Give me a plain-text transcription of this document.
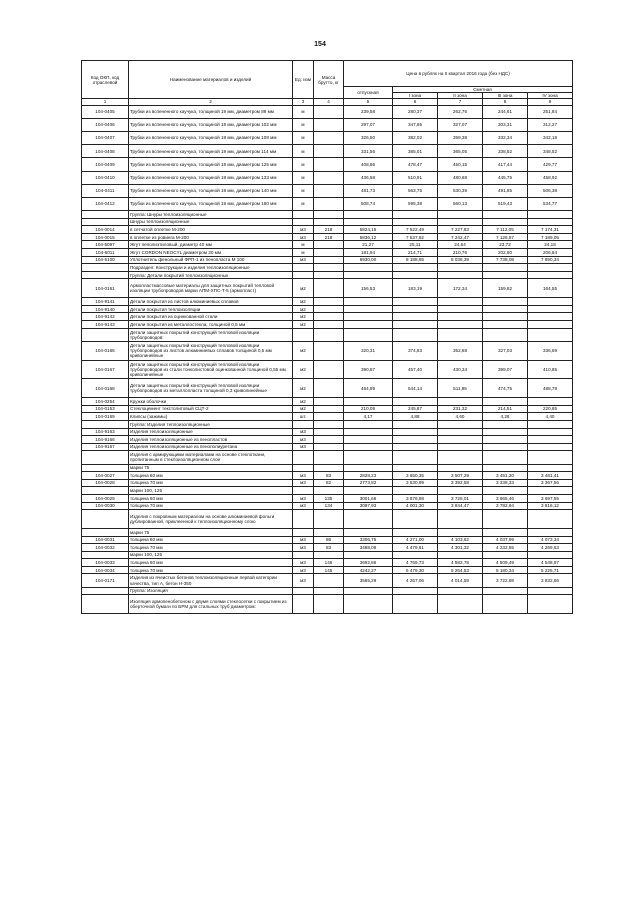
154
Код ОКП, код отраслевой	Наименование материалов и изделий	Ед. изм	Масса брутто, кг	Цена в рублях на II квартал 2016 года (без НДС)				
				отпускная	Сметная			
					I зона	II зона	III зона	IV зона
1	2	3	4	5	6	7	8	9
104-0405	Трубки из вспененного каучука, толщиной 19 мм, диаметром 89 мм	м		239,58	280,37	262,76	244,61	251,84
104-0406	Трубки из вспененного каучука, толщиной 19 мм, диаметром 102 мм	м		297,07	347,65	327,07	303,31	312,27
104-0407	Трубки из вспененного каучука, толщиной 19 мм, диаметром 108 мм	м		326,50	382,02	359,38	332,34	342,18
104-0408	Трубки из вспененного каучука, толщиной 19 мм, диаметром 114 мм	м		331,56	385,01	365,05	338,52	348,52
104-0409	Трубки из вспененного каучука, толщиной 19 мм, диаметром 125 мм	м		408,86	478,47	450,15	417,44	429,77
104-0410	Трубки из вспененного каучука, толщиной 19 мм, диаметром 133 мм	м		436,58	510,91	480,68	445,75	458,92
104-0411	Трубки из вспененного каучука, толщиной 19 мм, диаметром 140 мм	м		481,73	563,75	530,39	491,85	506,38
104-0412	Трубки из вспененного каучука, толщиной 19 мм, диаметром 160 мм	м		508,74	595,38	560,13	519,43	534,77
	Группа: Шнуры теплоизоляционные							
	Шнуры теплоизоляционные							
104-0014	в сетчатой оплетке М-200	м3	218	5824,15	7 522,49	7 227,83	7 112,05	7 174,31
104-0015	в оплетке из ровинга М-200	м3	218	5836,12	7 537,92	7 242,47	7 126,57	7 189,05
104-5097	Жгут пеполиэтиловый, диаметр 40 мм	м		21,27	25,11	24,64	23,72	24,18
104-6011	Жгут CORDON NEOCYL диаметром 30 мм	м		181,94	214,71	210,76	202,80	206,84
104-5100	Уплотнитель фенольный ФРП-1 из пенопласта М 100	м3		6930,00	8 188,85	8 038,39	7 738,08	7 890,34
	Подраздел: Конструкции и изделия теплоизоляционные							
	Группа: Детали покрытий теплоизоляционных							
104-0161	Армопластмассовые материалы для защитных покрытий тепловой изоляции трубопроводов марки АПМ-ХПС-Т-5 (армопласт)	м2		156,53	183,19	172,34	159,82	164,55
104-9141	Детали покрытия из листов алюминиевых сплавов	м2						
104-9140	Детали покрытия теплоизоляции	м2						
104-9142	Детали покрытия из оцинкованной стали	м2						
104-9143	Детали покрытия из металлостекла, толщиной 0,5 мм	м2						
	Детали защитных покрытий конструкций тепловой изоляции трубопроводов:							
104-0166	Детали защитных покрытий конструкций тепловой изоляции трубопроводов из листов алюминиевых сплавов толщиной 0,5 мм криволинейные	м2		320,31	374,83	352,68	327,03	336,69
104-0167	Детали защитных покрытий конструкций тепловой изоляции трубопроводов из стали тонколистовой оцинкованной толщиной 0,55 мм криволинейные	м2		390,87	457,40	430,34	399,07	410,85
104-0168	Детали защитных покрытий конструкций тепловой изоляции трубопроводов из металлопласта толщиной 0,3 криволинейные	м2		464,99	544,14	511,95	474,75	488,78
104-0254	Кружки оболочки	м2						
104-0153	Стеклоцемент текстолитовый СЦТ-2	м2		210,09	245,87	231,32	214,51	220,85
104-0169	Клипсы (зажимы)	шт.		4,17	4,88	4,60	4,26	4,40
	Группа: Изделия теплоизоляционные							
104-9163	Изделия теплоизоляционные	м3						
104-9166	Изделия теплоизоляционные из пенопластов	м3						
104-9167	Изделия теплоизоляционные из пенополиуретана	м3						
	Изделия с армирующими материалами на основе стеклоткани, пропитанным в стеклоизоляционном слое							
	марки 75							
104-0027	толщина 60 мм	м3	83	2828,23	3 650,35	3 507,29	3 451,20	3 481,41
104-0028	толщина 70 мм	м3	82	2773,82	3 530,99	3 392,58	3 338,33	3 367,56
	марки 100, 125							
104-0029	толщина 60 мм	м3	135	3001,66	3 876,98	3 725,01	3 665,46	3 697,55
104-0030	толщина 70 мм	м3	134	3097,93	4 001,30	3 844,47	3 782,94	3 816,12
	Изделия с покровным материалом на основе алюминиевой фольги дублированной, приклеенной к теплоизоляционному слою							
	марки 75							
104-0031	толщина 60 мм	м3	86	3306,75	4 271,00	4 103,62	4 037,99	4 073,34
104-0032	толщина 70 мм	м3	83	3468,09	4 479,61	4 301,32	4 232,55	4 269,63
	марки 100, 125							
104-0033	толщина 60 мм	м3	146	3692,86	4 769,73	4 582,78	4 509,49	4 548,97
104-0034	толщина 70 мм	м3	145	4242,27	5 479,30	5 264,53	5 180,34	5 225,71
104-0171	Изделия из ячеистых бетонов теплоизоляционные первой категории качества, тип А, бетон Н-350	м3		3565,29	4 267,06	4 014,59	3 722,88	3 832,66
	Группа: Изоляция							
	Изоляция армопенобетоном с двумя слоями стеклосетки с покрытием из оберточной бумаги по БРМ для стальных труб диаметром:							
